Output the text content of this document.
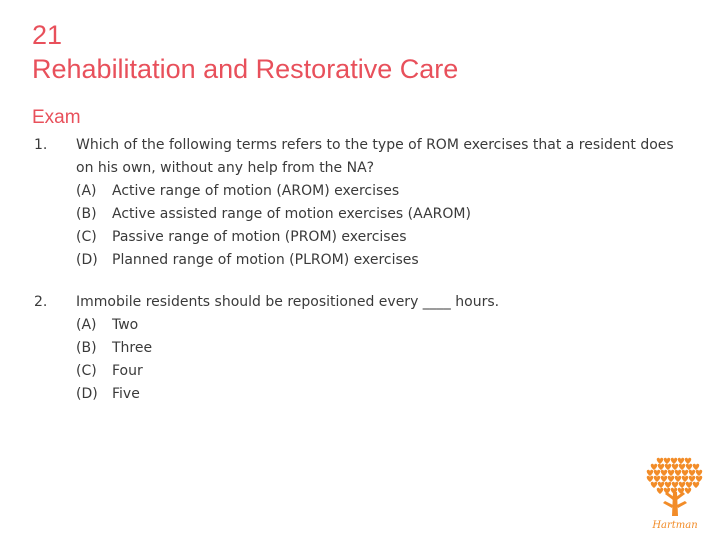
21
Rehabilitation and Restorative Care
Exam
1. Which of the following terms refers to the type of ROM exercises that a resident does on his own, without any help from the NA?
(A) Active range of motion (AROM) exercises
(B) Active assisted range of motion exercises (AAROM)
(C) Passive range of motion (PROM) exercises
(D) Planned range of motion (PLROM) exercises
2. Immobile residents should be repositioned every ____ hours.
(A) Two
(B) Three
(C) Four
(D) Five
Hartman
